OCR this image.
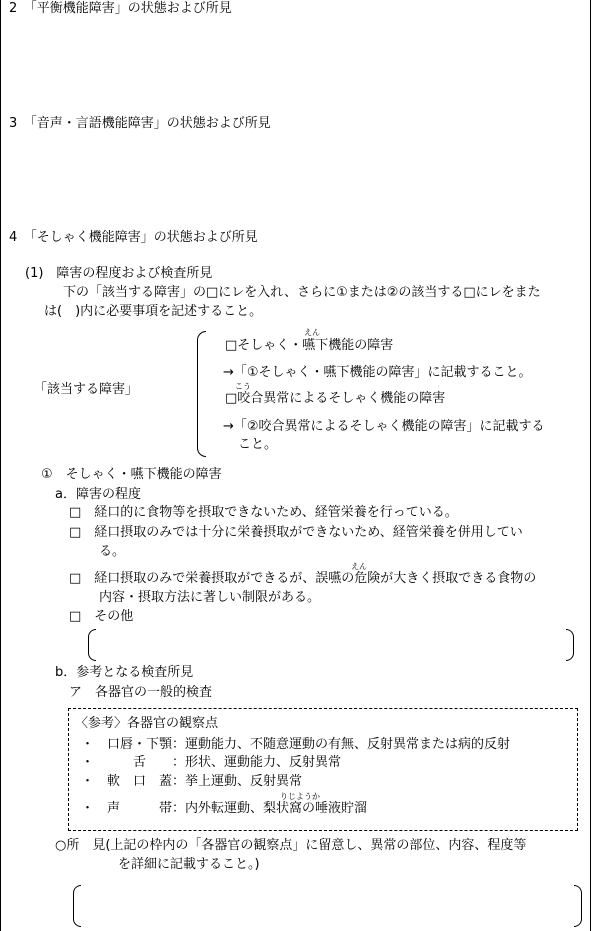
2　「平衡機能障害」の状態および所見
3　「音声・言語機能障害」の状態および所見
4　「そしゃく機能障害」の状態および所見
(1)　障害の程度および検査所見
下の「該当する障害」の□にレを入れ、さらに①または②の該当する□にレをまた
は(　)内に必要事項を記述すること。
「該当する障害」
えん
□そしゃく・嚥下機能の障害
→「①そしゃく・嚥下機能の障害」に記載すること。
こう
□咬合異常によるそしゃく機能の障害
→「②咬合異常によるそしゃく機能の障害」に記載する
こと。
①　そしゃく・嚥下機能の障害
a．障害の程度
□　経口的に食物等を摂取できないため、経管栄養を行っている。
□　経口摂取のみでは十分に栄養摂取ができないため、経管栄養を併用してい
る。
えん
□　経口摂取のみで栄養摂取ができるが、誤嚥の危険が大きく摂取できる食物の
内容・摂取方法に著しい制限がある。
□　その他
b．参考となる検査所見
ア　各器官の一般的検査
〈参考〉各器官の観察点
・　口唇・下顎：運動能力、不随意運動の有無、反射異常または病的反射
・　　　舌　　：形状、運動能力、反射異常
・　軟　口　蓋：挙上運動、反射異常
りじようか
・　声　　　帯：内外転運動、梨状窩の唾液貯溜
○所　見(上記の枠内の「各器官の観察点」に留意し、異常の部位、内容、程度等
を詳細に記載すること。)
